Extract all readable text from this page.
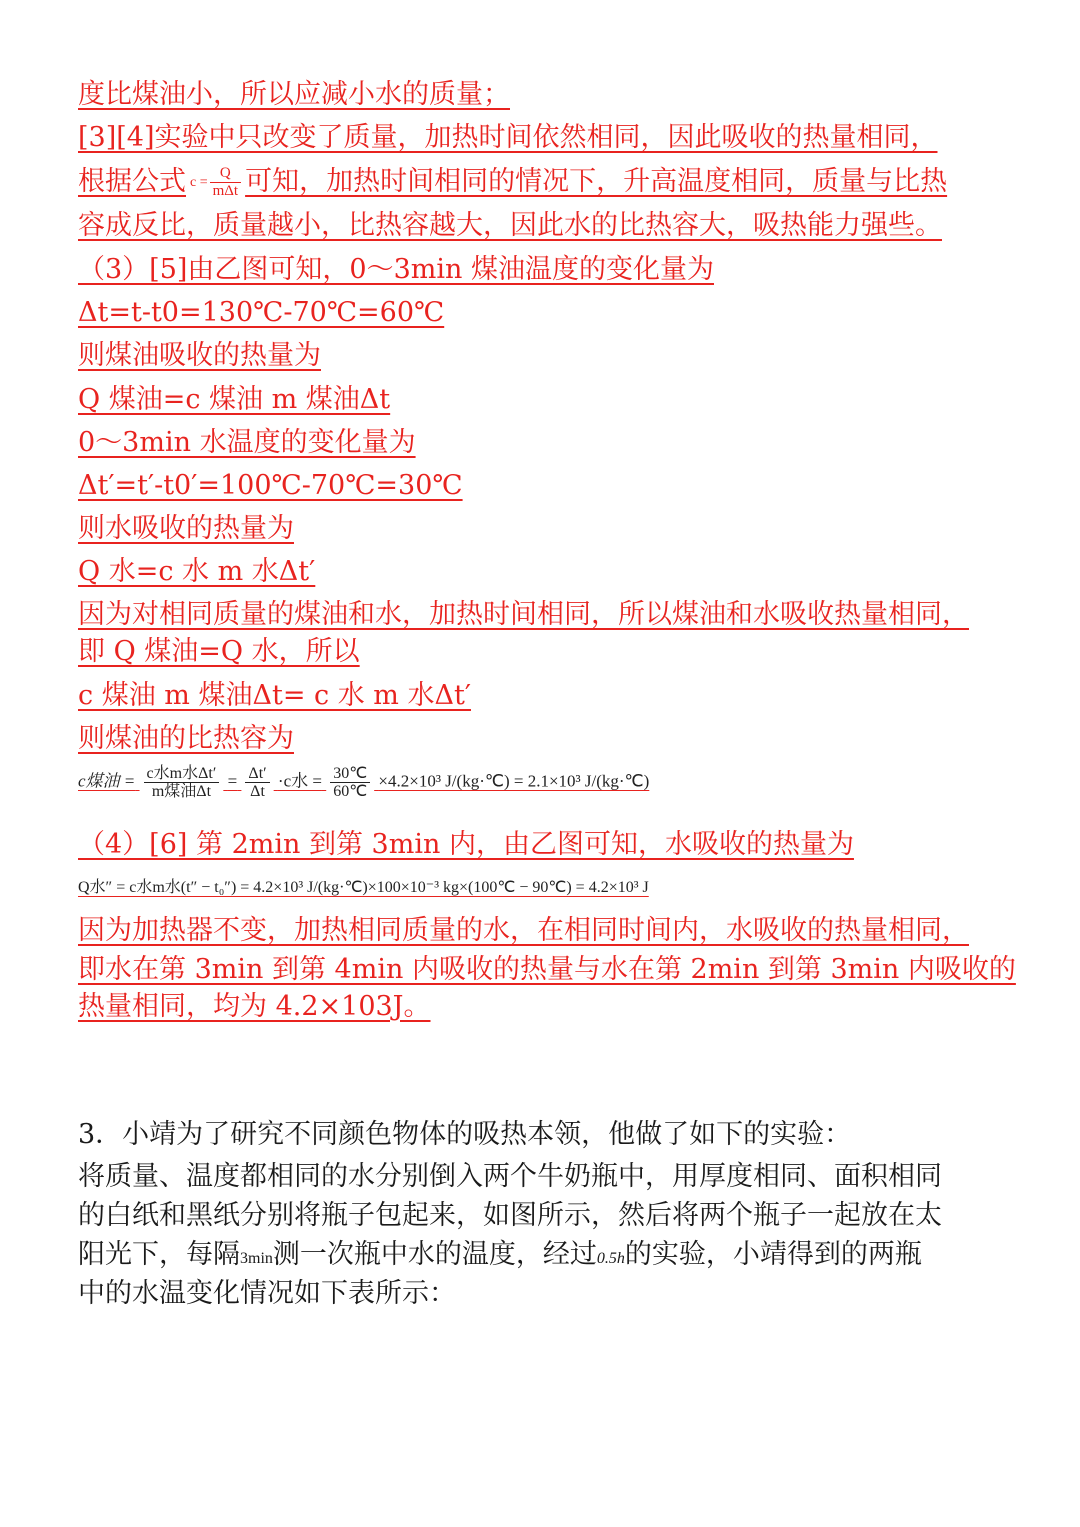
度比煤油小，所以应减小水的质量；
[3][4]实验中只改变了质量，加热时间依然相同，因此吸收的热量相同，
根据公式 $c = \frac{Q}{\text{mΔt}}$ 可知，加热时间相同的情况下，升高温度相同，质量与比热
容成反比，质量越小，比热容越大，因此水的比热容大，吸热能力强些。
（3）[5]由乙图可知，0～3min 煤油温度的变化量为
Δt=t-t0=130℃-70℃=60℃
则煤油吸收的热量为
Q 煤油=c 煤油 m 煤油Δt
0～3min 水温度的变化量为
Δt′=t′-t0′=100℃-70℃=30℃
则水吸收的热量为
Q 水=c 水 m 水Δt′
因为对相同质量的煤油和水，加热时间相同，所以煤油和水吸收热量相同，
即 Q 煤油=Q 水，所以
c 煤油 m 煤油Δt= c 水 m 水Δt′
则煤油的比热容为
c煤油 = $\frac{\text{c水m水Δt′}}{\text{m煤油Δt}} = \frac{\Delta t'}{\Delta t} \cdot c$水 = $\frac{30℃}{60℃} \times 4.2\times 10^3$ J/(kg·℃) = 2.1×10³ J/(kg·℃)
（4）[6] 第 2min 到第 3min 内，由乙图可知，水吸收的热量为
Q水″ = c水m水(t″ − t₀″) = 4.2×10³ J/(kg·℃)×100×10⁻³ kg×(100℃ − 90℃) = 4.2×10³ J
因为加热器不变，加热相同质量的水，在相同时间内，水吸收的热量相同，
即水在第 3min 到第 4min 内吸收的热量与水在第 2min 到第 3min 内吸收的
热量相同，均为 4.2×103J。
3．小靖为了研究不同颜色物体的吸热本领，他做了如下的实验：
将质量、温度都相同的水分别倒入两个牛奶瓶中，用厚度相同、面积相同
的白纸和黑纸分别将瓶子包起来，如图所示，然后将两个瓶子一起放在太
阳光下，每隔3min测一次瓶中水的温度，经过0.5h的实验，小靖得到的两瓶
中的水温变化情况如下表所示：
